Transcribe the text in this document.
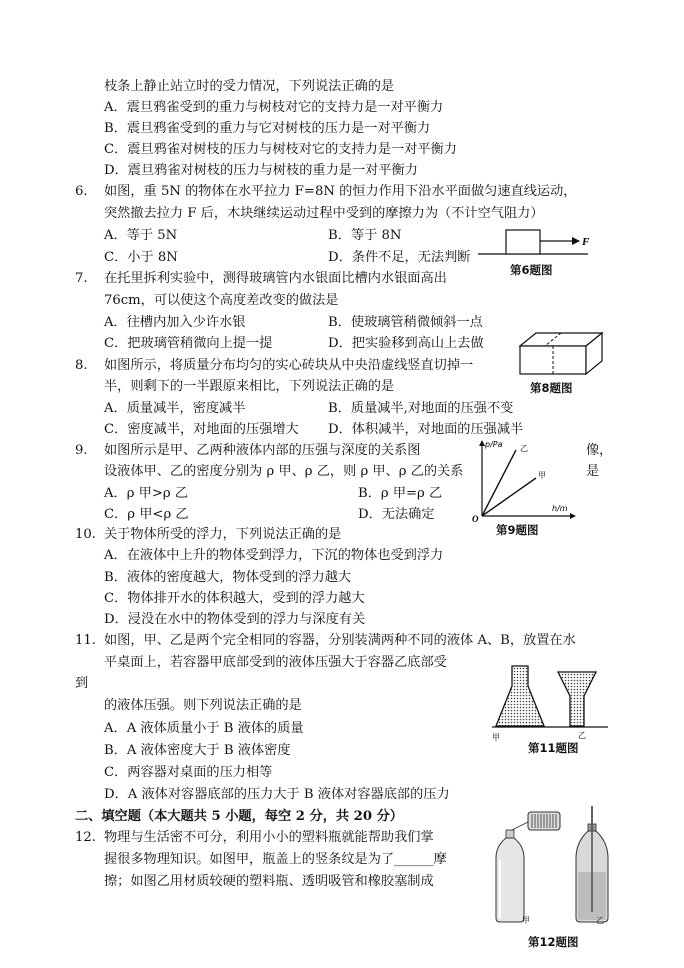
枝条上静止站立时的受力情况，下列说法正确的是
A．震旦鸦雀受到的重力与树枝对它的支持力是一对平衡力
B．震旦鸦雀受到的重力与它对树枝的压力是一对平衡力
C．震旦鸦雀对树枝的压力与树枝对它的支持力是一对平衡力
D．震旦鸦雀对树枝的压力与树枝的重力是一对平衡力
6. 如图，重 5N 的物体在水平拉力 F=8N 的恒力作用下沿水平面做匀速直线运动，
突然撤去拉力 F 后，木块继续运动过程中受到的摩擦力为（不计空气阻力）
A．等于 5N	B．等于 8N
C．小于 8N	D．条件不足，无法判断
F
第6题图
7. 在托里拆利实验中，测得玻璃管内水银面比槽内水银面高出
76cm，可以使这个高度差改变的做法是
A．往槽内加入少许水银	B．使玻璃管稍微倾斜一点
C．把玻璃管稍微向上提一提	D．把实验移到高山上去做
8. 如图所示，将质量分布均匀的实心砖块从中央沿虚线竖直切掉一
半，则剩下的一半跟原来相比，下列说法正确的是
A．质量减半，密度减半	B．质量减半,对地面的压强不变
C．密度减半，对地面的压强增大 D．体积减半，对地面的压强减半
第8题图
9. 如图所示是甲、乙两种液体内部的压强与深度的关系图	像，
设液体甲、乙的密度分别为 ρ 甲、ρ 乙，则 ρ 甲、ρ 乙的关系	是
A．ρ 甲>ρ 乙	B．ρ 甲=ρ 乙
C．ρ 甲<ρ 乙	D．无法确定
p/Pa 乙
甲
O
h/m
第9题图
10. 关于物体所受的浮力，下列说法正确的是
A．在液体中上升的物体受到浮力，下沉的物体也受到浮力
B．液体的密度越大，物体受到的浮力越大
C．物体排开水的体积越大，受到的浮力越大
D．浸没在水中的物体受到的浮力与深度有关
11. 如图，甲、乙是两个完全相同的容器，分别装满两种不同的液体 A、B，放置在水
平桌面上，若容器甲底部受到的液体压强大于容器乙底部受
到
的液体压强。则下列说法正确的是
A．A 液体质量小于 B 液体的质量
B．A 液体密度大于 B 液体密度
C．两容器对桌面的压力相等
D．A 液体对容器底部的压力大于 B 液体对容器底部的压力
甲	乙
第11题图
二、填空题（本大题共 5 小题，每空 2 分，共 20 分）
12. 物理与生活密不可分，利用小小的塑料瓶就能帮助我们掌
握很多物理知识。如图甲，瓶盖上的竖条纹是为了______摩
擦；如图乙用材质较硬的塑料瓶、透明吸管和橡胶塞制成
甲	乙
第12题图
